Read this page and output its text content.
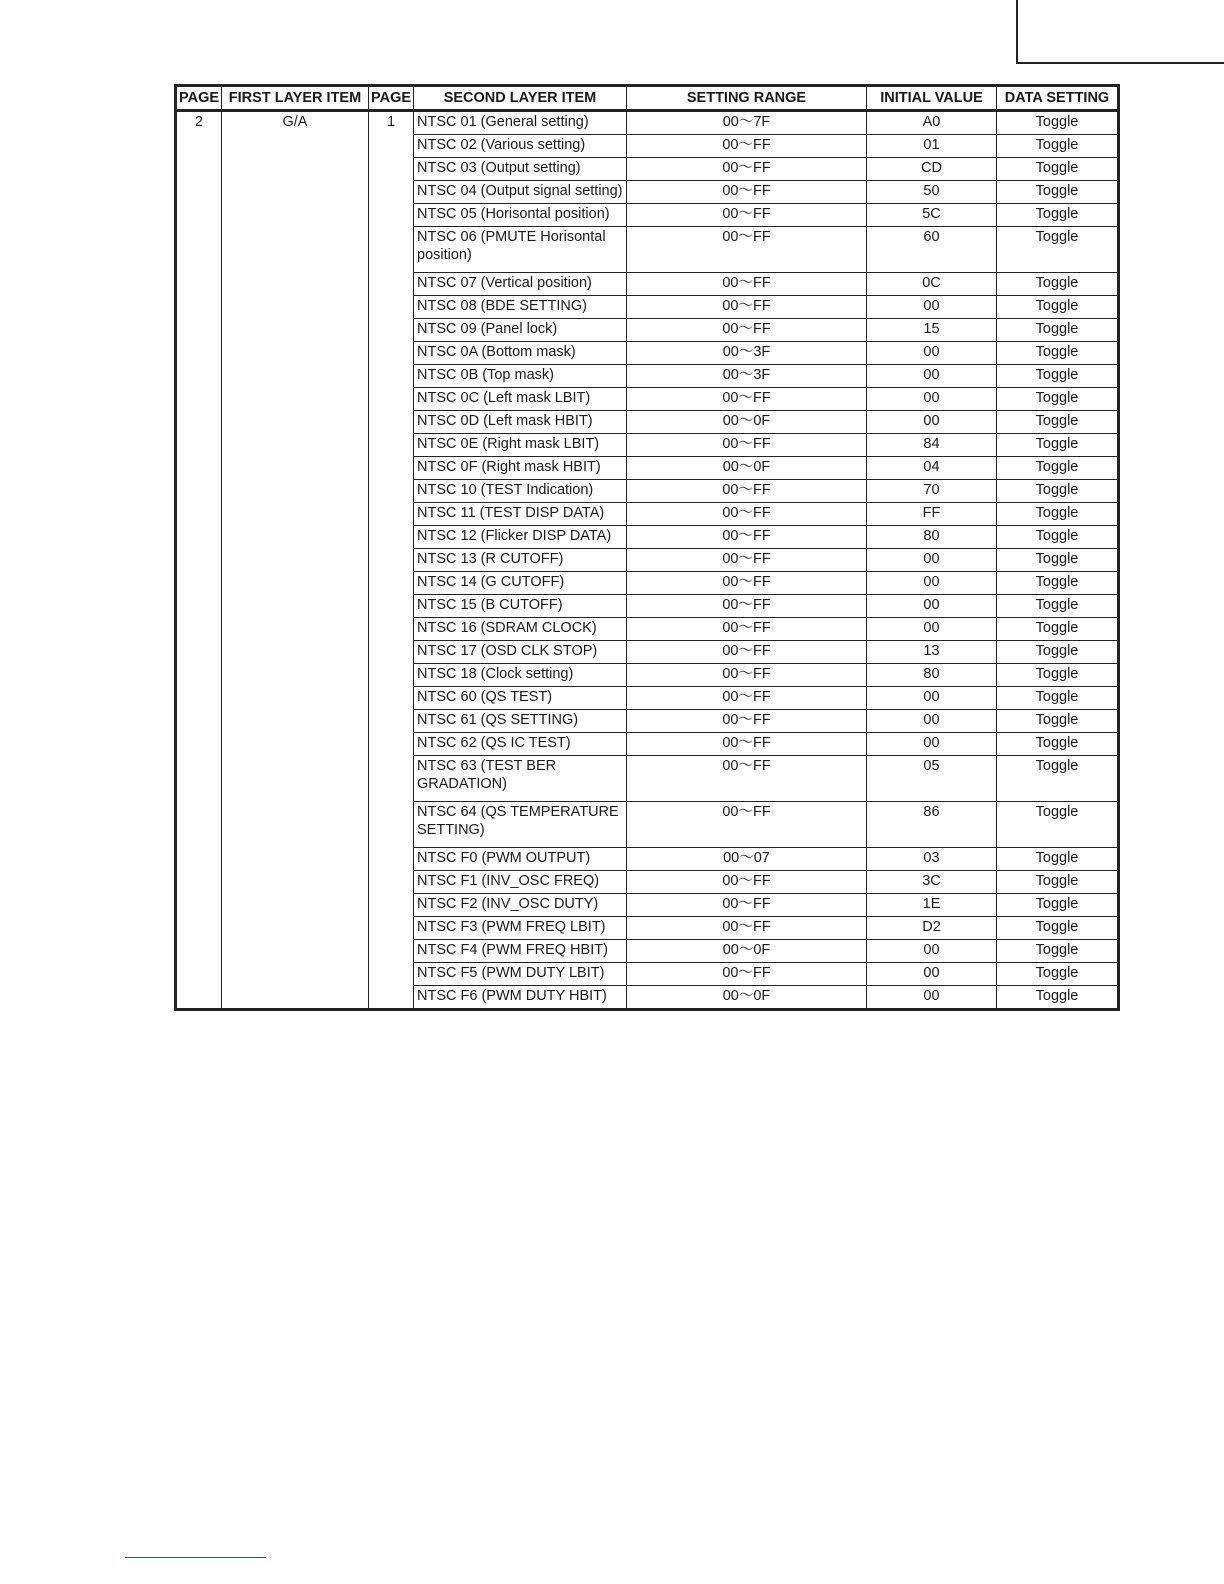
PAGE	FIRST LAYER ITEM	PAGE	SECOND LAYER ITEM	SETTING RANGE	INITIAL VALUE	DATA SETTING
2	G/A	1	NTSC 01 (General setting)	00～7F	A0	Toggle
			NTSC 02 (Various setting)	00～FF	01	Toggle
			NTSC 03 (Output setting)	00～FF	CD	Toggle
			NTSC 04 (Output signal setting)	00～FF	50	Toggle
			NTSC 05 (Horisontal position)	00～FF	5C	Toggle
			NTSC 06 (PMUTE Horisontal position)	00～FF	60	Toggle
			NTSC 07 (Vertical position)	00～FF	0C	Toggle
			NTSC 08 (BDE SETTING)	00～FF	00	Toggle
			NTSC 09 (Panel lock)	00～FF	15	Toggle
			NTSC 0A (Bottom mask)	00～3F	00	Toggle
			NTSC 0B (Top mask)	00～3F	00	Toggle
			NTSC 0C (Left mask LBIT)	00～FF	00	Toggle
			NTSC 0D (Left mask HBIT)	00～0F	00	Toggle
			NTSC 0E (Right mask LBIT)	00～FF	84	Toggle
			NTSC 0F (Right mask HBIT)	00～0F	04	Toggle
			NTSC 10 (TEST Indication)	00～FF	70	Toggle
			NTSC 11 (TEST DISP DATA)	00～FF	FF	Toggle
			NTSC 12 (Flicker DISP DATA)	00～FF	80	Toggle
			NTSC 13 (R CUTOFF)	00～FF	00	Toggle
			NTSC 14 (G CUTOFF)	00～FF	00	Toggle
			NTSC 15 (B CUTOFF)	00～FF	00	Toggle
			NTSC 16 (SDRAM CLOCK)	00～FF	00	Toggle
			NTSC 17 (OSD CLK STOP)	00～FF	13	Toggle
			NTSC 18 (Clock setting)	00～FF	80	Toggle
			NTSC 60 (QS TEST)	00～FF	00	Toggle
			NTSC 61 (QS SETTING)	00～FF	00	Toggle
			NTSC 62 (QS IC TEST)	00～FF	00	Toggle
			NTSC 63 (TEST BER GRADATION)	00～FF	05	Toggle
			NTSC 64 (QS TEMPERATURE SETTING)	00～FF	86	Toggle
			NTSC F0 (PWM OUTPUT)	00～07	03	Toggle
			NTSC F1 (INV_OSC FREQ)	00～FF	3C	Toggle
			NTSC F2 (INV_OSC DUTY)	00～FF	1E	Toggle
			NTSC F3 (PWM FREQ LBIT)	00～FF	D2	Toggle
			NTSC F4 (PWM FREQ HBIT)	00～0F	00	Toggle
			NTSC F5 (PWM DUTY LBIT)	00～FF	00	Toggle
			NTSC F6 (PWM DUTY HBIT)	00～0F	00	Toggle
